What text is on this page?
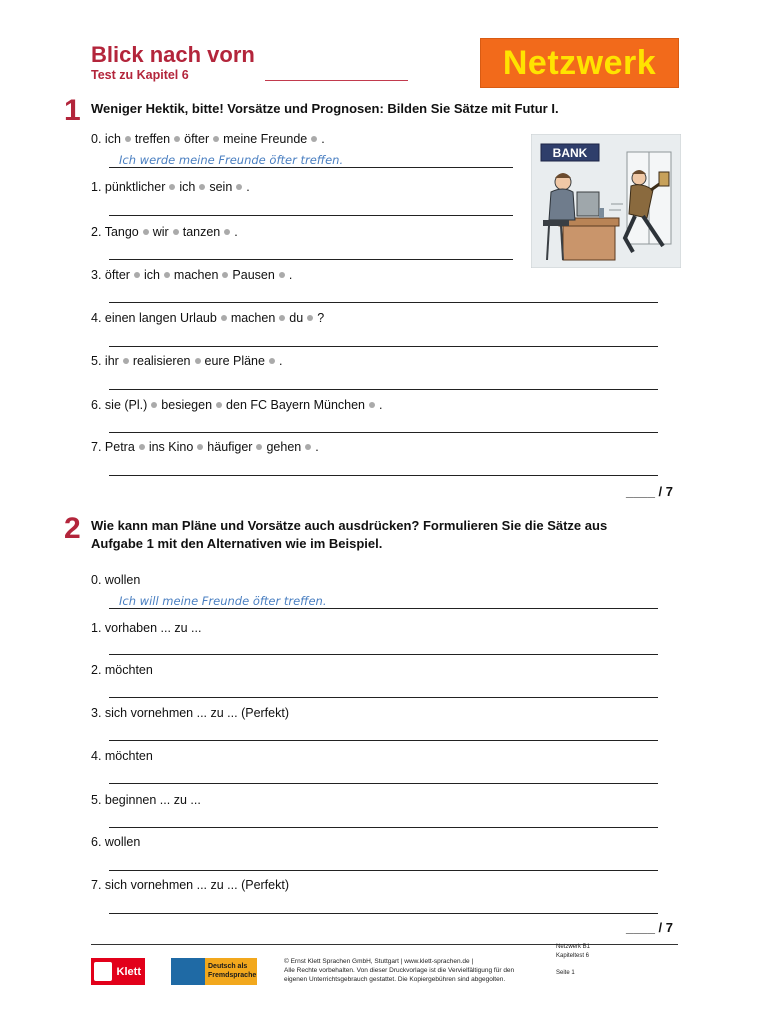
Blick nach vorn
Test zu Kapitel 6	Netzwerk
1 Weniger Hektik, bitte! Vorsätze und Prognosen: Bilden Sie Sätze mit Futur I.
0. ich treffen öfter meine Freunde .
1. pünktlicher ich sein .
2. Tango wir tanzen .
3. öfter ich machen Pausen .
4. einen langen Urlaub machen du ?
5. ihr realisieren eure Pläne .
6. sie (Pl.) besiegen den FC Bayern München .
7. Petra ins Kino häufiger gehen .
Ich werde meine Freunde öfter treffen.	BANK
____ / 7
2 Wie kann man Pläne und Vorsätze auch ausdrücken? Formulieren Sie die Sätze aus
Aufgabe 1 mit den Alternativen wie im Beispiel.
0. wollen
1. vorhaben ... zu ...
2. möchten
3. sich vornehmen ... zu ... (Perfekt)
4. möchten
5. beginnen ... zu ...
6. wollen
7. sich vornehmen ... zu ... (Perfekt)
Ich will meine Freunde öfter treffen.
____ / 7
Netzwerk B1
Kapiteltest 6
Seite 1
Klett	Deutsch als Fremdsprache
© Ernst Klett Sprachen GmbH, Stuttgart | www.klett-sprachen.de |
Alle Rechte vorbehalten. Von dieser Druckvorlage ist die Vervielfältigung für den
eigenen Unterrichtsgebrauch gestattet. Die Kopiergebühren sind abgegolten.
